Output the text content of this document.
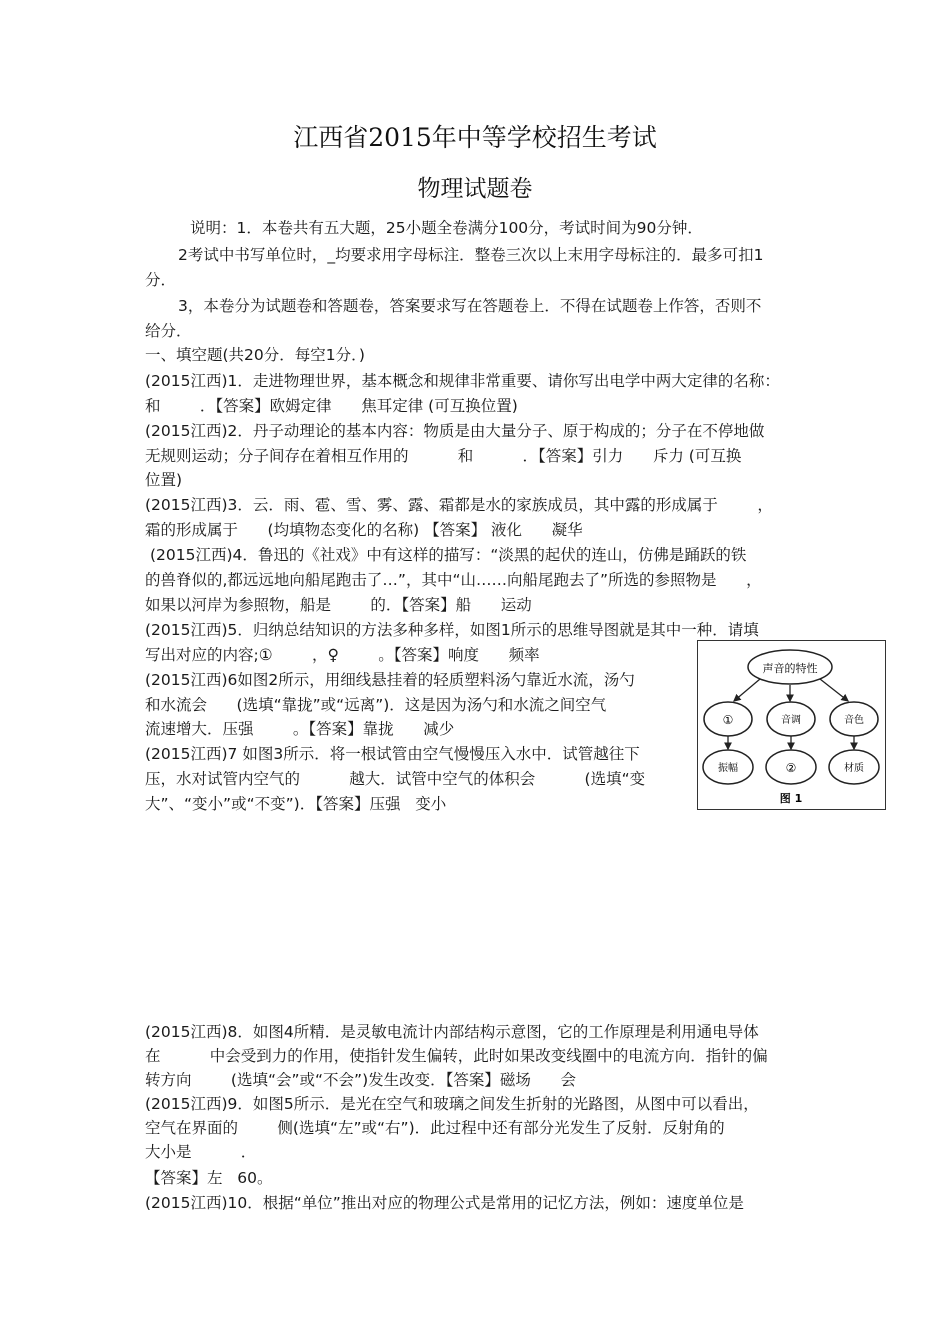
江西省2015年中等学校招生考试
物理试题卷
说明：1．本卷共有五大题，25小题全卷满分100分，考试时间为90分钟．
2考试中书写单位时，_均要求用字母标注．整卷三次以上末用字母标注的．最多可扣1
分．
3，本卷分为试题卷和答题卷，答案要求写在答题卷上．不得在试题卷上作答，否则不
给分．
一、填空题(共20分．每空1分．)
(2015江西)1．走进物理世界，基本概念和规律非常重要、请你写出电学中两大定律的名称：
和        ．【答案】欧姆定律      焦耳定律 (可互换位置)
(2015江西)2．丹子动理论的基本内容：物质是由大量分子、原于构成的；分子在不停地做
无规则运动；分子间存在着相互作用的          和          ．【答案】引力      斥力 (可互换
位置)
(2015江西)3．云．雨、雹、雪、雾、露、霜都是水的家族成员，其中露的形成属于        ，
霜的形成属于      (均填物态变化的名称) 【答案】 液化      凝华
(2015江西)4．鲁迅的《社戏》中有这样的描写：“淡黑的起伏的连山，仿佛是踊跃的铁
的兽脊似的,都远远地向船尾跑击了…”，其中“山……向船尾跑去了”所选的参照物是      ，
如果以河岸为参照物，船是        的．【答案】船      运动
(2015江西)5．归纳总结知识的方法多种多样，如图1所示的思维导图就是其中一种．请填
写出对应的内容;①        ，♀        。【答案】响度      频率
(2015江西)6如图2所示，用细线悬挂着的轻质塑料汤勺靠近水流，汤勺
和水流会      (选填“靠拢”或“远离”)．这是因为汤勺和水流之间空气
流速增大．压强        。【答案】靠拢      减少
(2015江西)7 如图3所示．将一根试管由空气慢慢压入水中．试管越往下
压，水对试管内空气的          越大．试管中空气的体积会          (选填“变
大”、“变小”或“不变”)．【答案】压强   变小
(2015江西)8．如图4所精．是灵敏电流计内部结构示意图，它的工作原理是利用通电导体
在          中会受到力的作用，使指针发生偏转，此时如果改变线圈中的电流方向．指针的偏
转方向        (选填“会”或“不会”)发生改变．【答案】磁场      会
(2015江西)9．如图5所示．是光在空气和玻璃之间发生折射的光路图，从图中可以看出，
空气在界面的        侧(选填“左”或“右”)．此过程中还有部分光发生了反射．反射角的
大小是          ．
【答案】左   60。
(2015江西)10．根据“单位”推出对应的物理公式是常用的记忆方法，例如：速度单位是
声音的特性
①	音调	音色
振幅	②	材质
图 1
